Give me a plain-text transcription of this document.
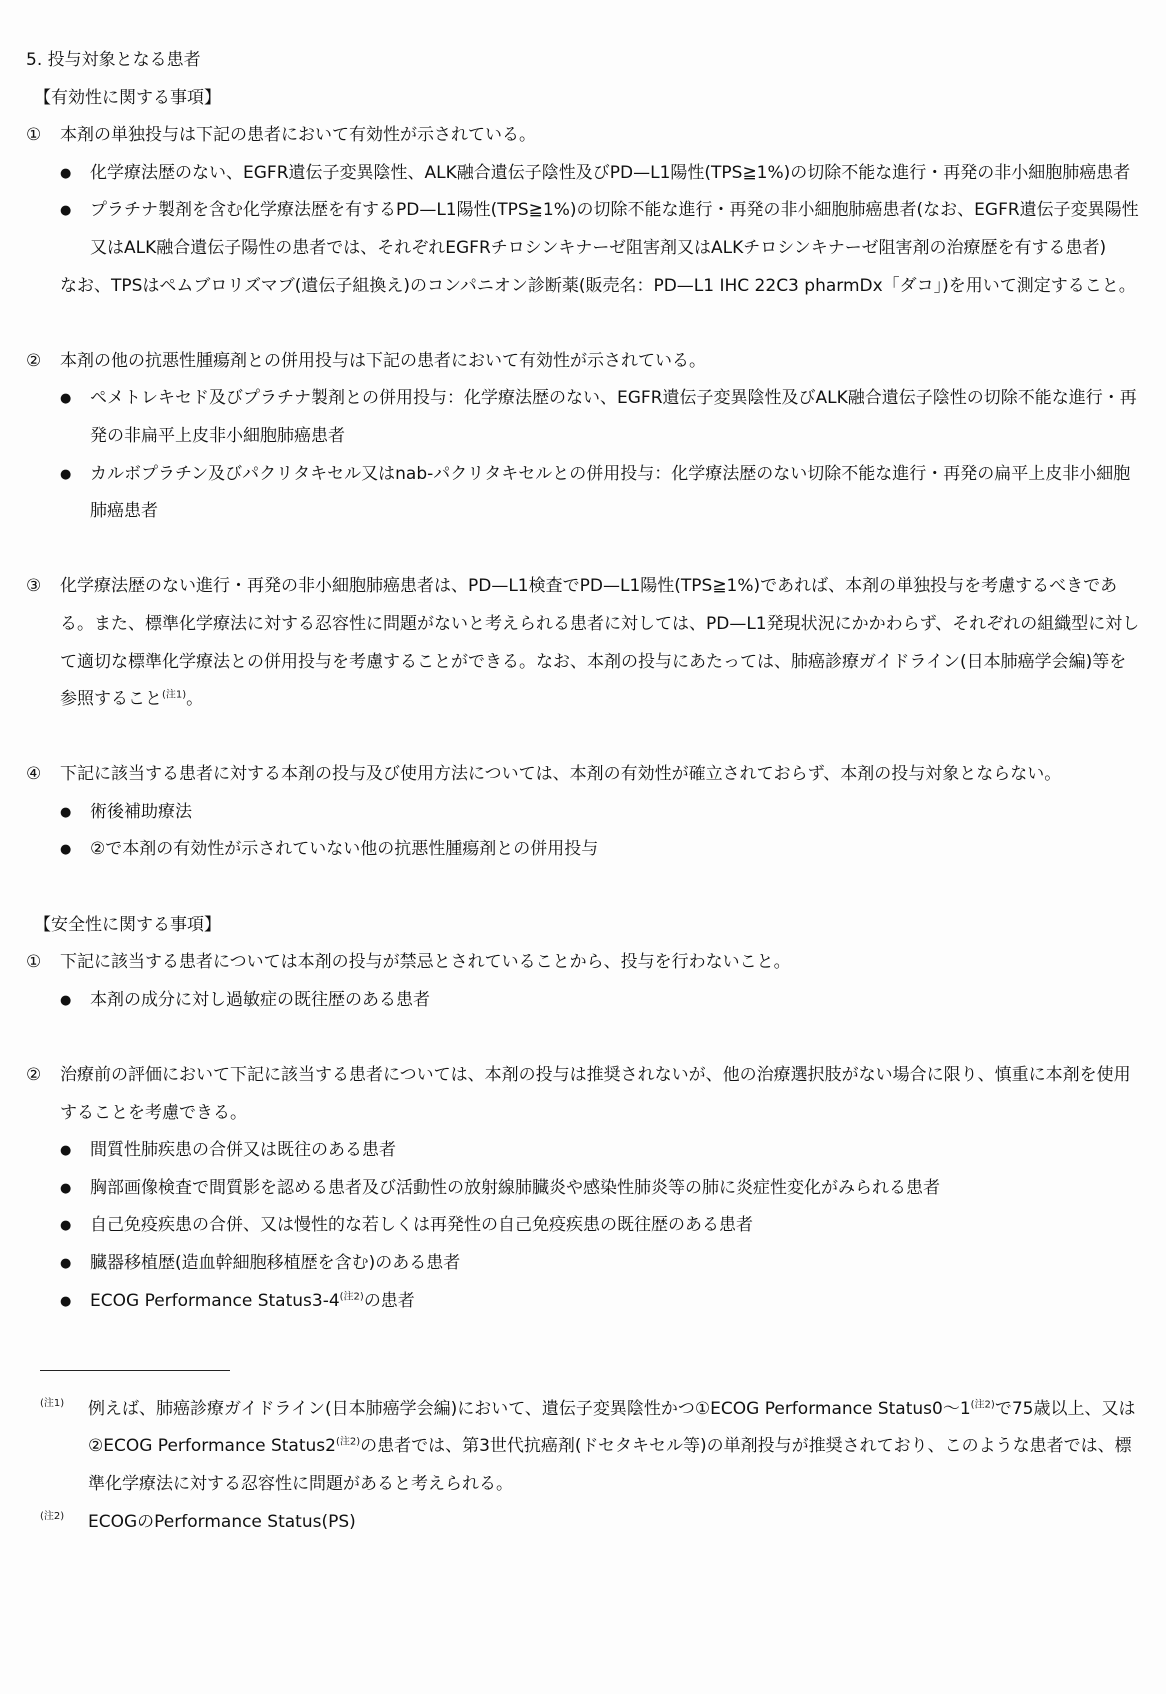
5. 投与対象となる患者
【有効性に関する事項】
①	本剤の単独投与は下記の患者において有効性が示されている。
●	化学療法歴のない、EGFR遺伝子変異陰性、ALK融合遺伝子陰性及びPD—L1陽性(TPS≧1%)の切除不能な進行・再発の非小細胞肺癌患者
●	プラチナ製剤を含む化学療法歴を有するPD—L1陽性(TPS≧1%)の切除不能な進行・再発の非小細胞肺癌患者(なお、EGFR遺伝子変異陽性又はALK融合遺伝子陽性の患者では、それぞれEGFRチロシンキナーゼ阻害剤又はALKチロシンキナーゼ阻害剤の治療歴を有する患者)
なお、TPSはペムブロリズマブ(遺伝子組換え)のコンパニオン診断薬(販売名：PD—L1 IHC 22C3 pharmDx「ダコ」)を用いて測定すること。
②	本剤の他の抗悪性腫瘍剤との併用投与は下記の患者において有効性が示されている。
●	ペメトレキセド及びプラチナ製剤との併用投与：化学療法歴のない、EGFR遺伝子変異陰性及びALK融合遺伝子陰性の切除不能な進行・再発の非扁平上皮非小細胞肺癌患者
●	カルボプラチン及びパクリタキセル又はnab-パクリタキセルとの併用投与：化学療法歴のない切除不能な進行・再発の扁平上皮非小細胞肺癌患者
③	化学療法歴のない進行・再発の非小細胞肺癌患者は、PD—L1検査でPD—L1陽性(TPS≧1%)であれば、本剤の単独投与を考慮するべきである。また、標準化学療法に対する忍容性に問題がないと考えられる患者に対しては、PD—L1発現状況にかかわらず、それぞれの組織型に対して適切な標準化学療法との併用投与を考慮することができる。なお、本剤の投与にあたっては、肺癌診療ガイドライン(日本肺癌学会編)等を参照すること$^{(注1)}$。
④	下記に該当する患者に対する本剤の投与及び使用方法については、本剤の有効性が確立されておらず、本剤の投与対象とならない。
●	術後補助療法
●	②で本剤の有効性が示されていない他の抗悪性腫瘍剤との併用投与
【安全性に関する事項】
①	下記に該当する患者については本剤の投与が禁忌とされていることから、投与を行わないこと。
●	本剤の成分に対し過敏症の既往歴のある患者
②	治療前の評価において下記に該当する患者については、本剤の投与は推奨されないが、他の治療選択肢がない場合に限り、慎重に本剤を使用することを考慮できる。
●	間質性肺疾患の合併又は既往のある患者
●	胸部画像検査で間質影を認める患者及び活動性の放射線肺臓炎や感染性肺炎等の肺に炎症性変化がみられる患者
●	自己免疫疾患の合併、又は慢性的な若しくは再発性の自己免疫疾患の既往歴のある患者
●	臓器移植歴(造血幹細胞移植歴を含む)のある患者
●	ECOG Performance $Status3-4^{(注2)}$の患者
(注1)	例えば、肺癌診療ガイドライン(日本肺癌学会編)において、遺伝子変異陰性かつ①ECOG Performance $Status0\sim 1^{(注2)}$で75歳以上、又は②ECOG Performance $Status2^{(注2)}$の患者では、第3世代抗癌剤(ドセタキセル等)の単剤投与が推奨されており、このような患者では、標準化学療法に対する忍容性に問題があると考えられる。
(注2)	ECOGのPerformance Status(PS)
